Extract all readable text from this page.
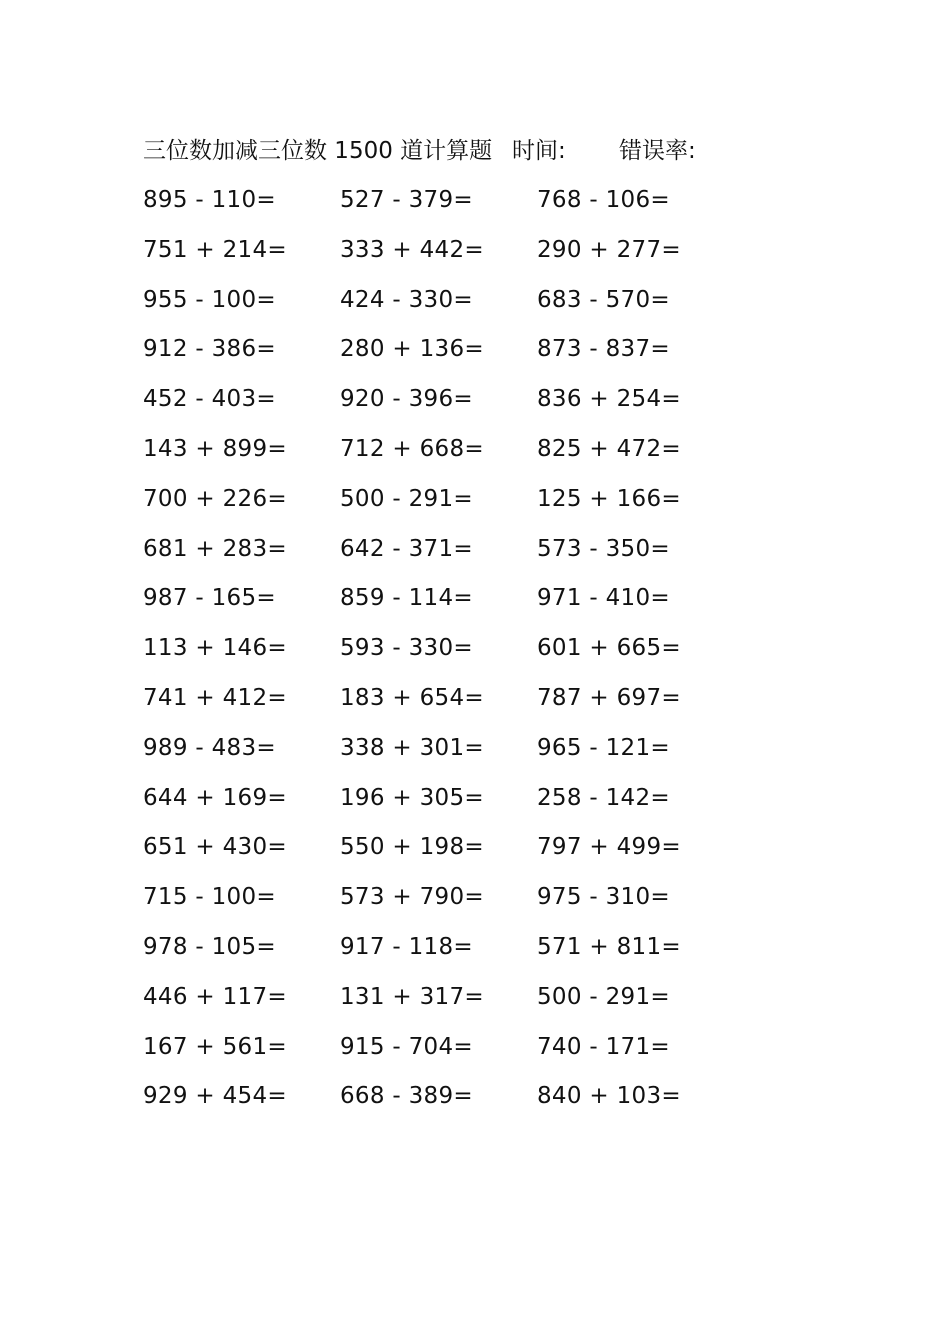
三位数加减三位数 1500 道计算题 时间: 错误率:
895 - 110=	527 - 379=	768 - 106=
751 + 214= 333 + 442= 290 + 277=
955 - 100=	424 - 330=	683 - 570=
912 - 386=	280 + 136= 873 - 837=
452 - 403=	920 - 396=	836 + 254=
143 + 899= 712 + 668= 825 + 472=
700 + 226= 500 - 291=	125 + 166=
681 + 283= 642 - 371=	573 - 350=
987 - 165=	859 - 114=	971 - 410=
113 + 146= 593 - 330=	601 + 665=
741 + 412= 183 + 654= 787 + 697=
989 - 483=	338 + 301= 965 - 121=
644 + 169= 196 + 305= 258 - 142=
651 + 430= 550 + 198= 797 + 499=
715 - 100=	573 + 790= 975 - 310=
978 - 105=	917 - 118=	571 + 811=
446 + 117= 131 + 317= 500 - 291=
167 + 561= 915 - 704=	740 - 171=
929 + 454= 668 - 389=	840 + 103=
